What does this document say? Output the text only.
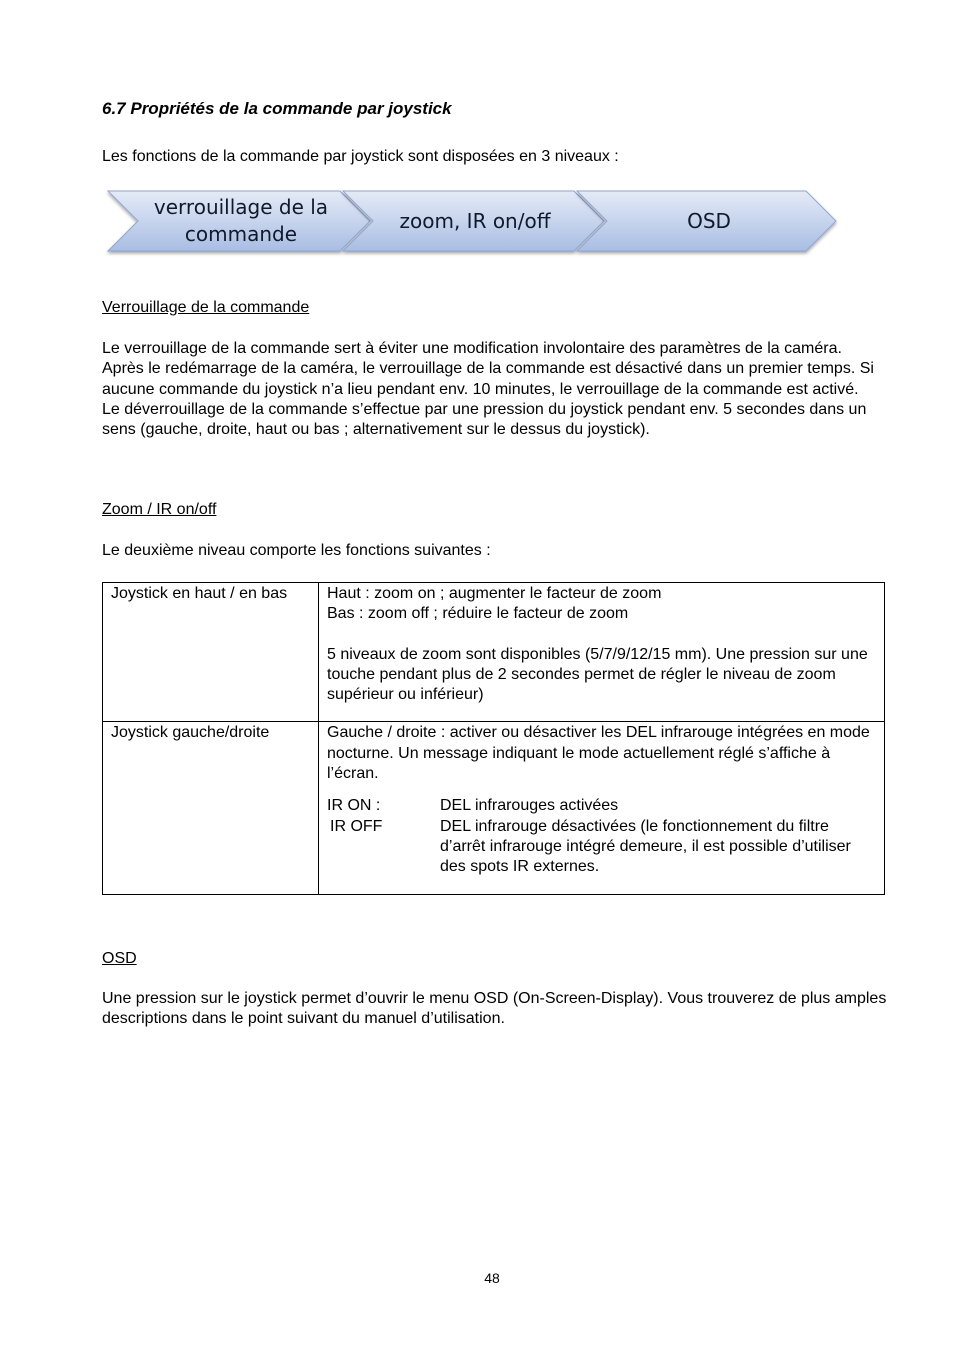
6.7 Propriétés de la commande par joystick
Les fonctions de la commande par joystick sont disposées en 3 niveaux :
verrouillage de la commande
zoom, IR on/off	OSD
Verrouillage de la commande
Le verrouillage de la commande sert à éviter une modification involontaire des paramètres de la caméra.
Après le redémarrage de la caméra, le verrouillage de la commande est désactivé dans un premier temps. Si aucune commande du joystick n’a lieu pendant env. 10 minutes, le verrouillage de la commande est activé.
Le déverrouillage de la commande s’effectue par une pression du joystick pendant env. 5 secondes dans un sens (gauche, droite, haut ou bas ; alternativement sur le dessus du joystick).
Zoom / IR on/off
Le deuxième niveau comporte les fonctions suivantes :
Joystick en haut / en bas	Haut : zoom on ; augmenter le facteur de zoom
Bas : zoom off ; réduire le facteur de zoom
5 niveaux de zoom sont disponibles (5/7/9/12/15 mm). Une pression sur une touche pendant plus de 2 secondes permet de régler le niveau de zoom supérieur ou inférieur)

Joystick gauche/droite	Gauche / droite : activer ou désactiver les DEL infrarouge intégrées en mode nocturne. Un message indiquant le mode actuellement réglé s’affiche à l’écran.
IR ON : DEL infrarouges activées
IR OFF DEL infrarouge désactivées (le fonctionnement du filtre d’arrêt infrarouge intégré demeure, il est possible d’utiliser des spots IR externes.
OSD
Une pression sur le joystick permet d’ouvrir le menu OSD (On-Screen-Display). Vous trouverez de plus amples descriptions dans le point suivant du manuel d’utilisation.
48
